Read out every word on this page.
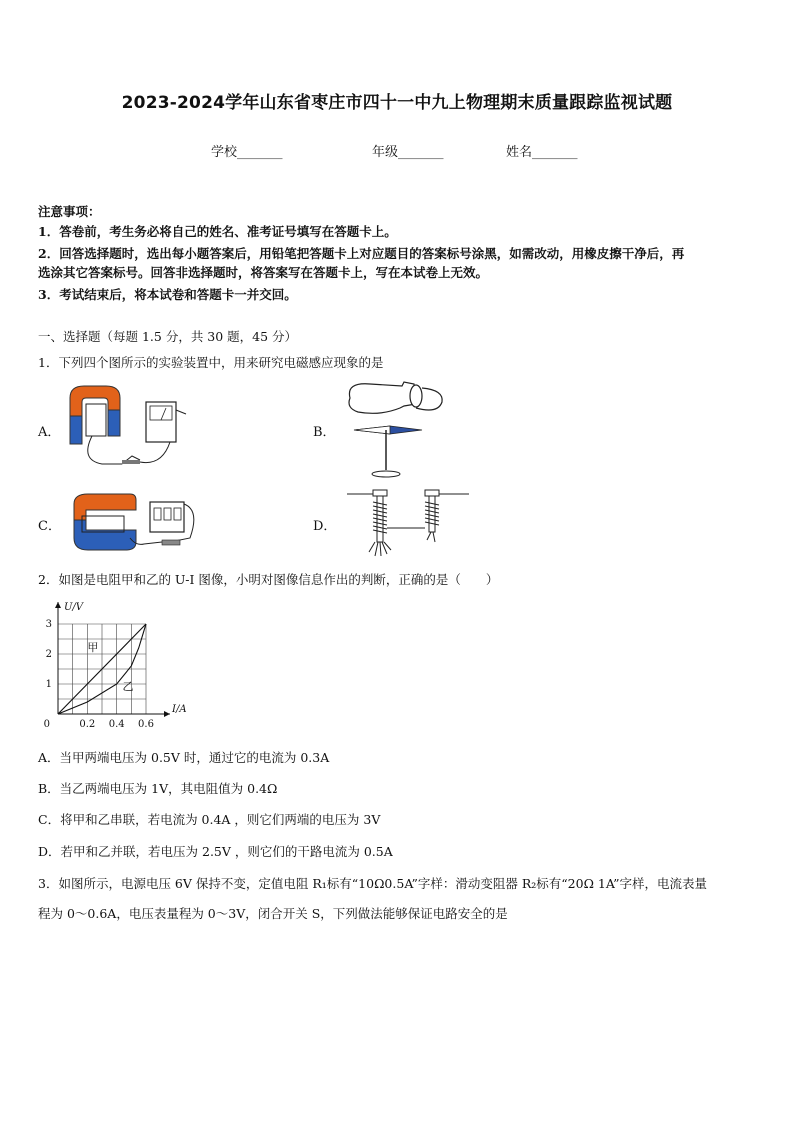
2023-2024学年山东省枣庄市四十一中九上物理期末质量跟踪监视试题
学校_______	年级_______	姓名_______
注意事项：
1．答卷前，考生务必将自己的姓名、准考证号填写在答题卡上。
2．回答选择题时，选出每小题答案后，用铅笔把答题卡上对应题目的答案标号涂黑，如需改动，用橡皮擦干净后，再
选涂其它答案标号。回答非选择题时，将答案写在答题卡上，写在本试卷上无效。
3．考试结束后，将本试卷和答题卡一并交回。
一、选择题（每题 1.5 分，共 30 题，45 分）
1．下列四个图所示的实验装置中，用来研究电磁感应现象的是
A．	B．
C．	D．
2．如图是电阻甲和乙的 U-I 图像，小明对图像信息作出的判断，正确的是（　　）
甲
乙
0.2 0.4 0.6
1
2
3
0
I/A
U/V
A．当甲两端电压为 0.5V 时，通过它的电流为 0.3A
B．当乙两端电压为 1V，其电阻值为 0.4Ω
C．将甲和乙串联，若电流为 0.4A ，则它们两端的电压为 3V
D．若甲和乙并联，若电压为 2.5V ，则它们的干路电流为 0.5A
3．如图所示，电源电压 6V 保持不变，定值电阻 R₁标有“10Ω0.5A”字样：滑动变阻器 R₂标有“20Ω 1A”字样，电流表量
程为 0～0.6A，电压表量程为 0～3V，闭合开关 S，下列做法能够保证电路安全的是
